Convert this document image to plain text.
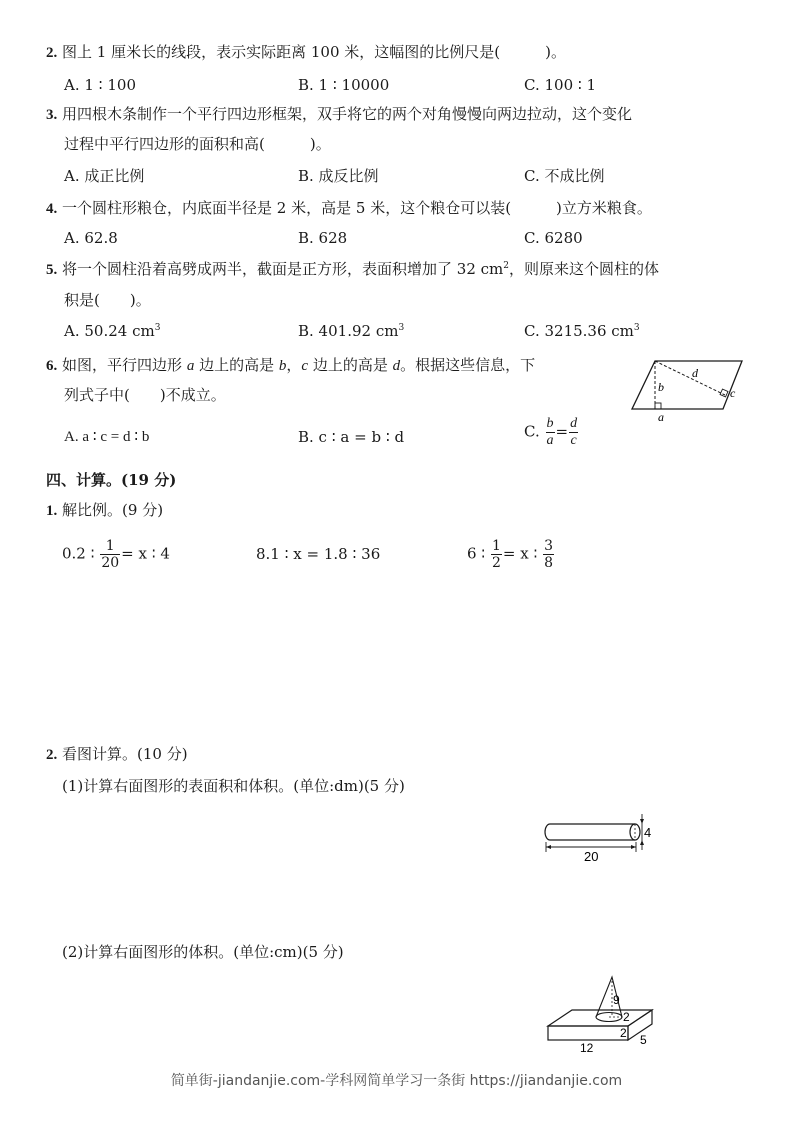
2. 图上 1 厘米长的线段，表示实际距离 100 米，这幅图的比例尺是(　　　)。
A. 1 ∶ 100	B. 1 ∶ 10000	C. 100 ∶ 1
3. 用四根木条制作一个平行四边形框架，双手将它的两个对角慢慢向两边拉动，这个变化
过程中平行四边形的面积和高(　　　)。
A. 成正比例	B. 成反比例	C. 不成比例
4. 一个圆柱形粮仓，内底面半径是 2 米，高是 5 米，这个粮仓可以装(　　　)立方米粮食。
A. 62.8	B. 628	C. 6280
5. 将一个圆柱沿着高劈成两半，截面是正方形，表面积增加了 32 $cm^2$，则原来这个圆柱的体
积是(　　)。
A. 50.24 $cm^3$	B. 401.92 $cm^3$	C. 3215.36 $cm^3$
6. 如图，平行四边形 a 边上的高是 b，c 边上的高是 d。根据这些信息，下
列式子中(　　)不成立。
A. a ∶ c = d ∶ b	B. c ∶ a = b ∶ d	C. $\frac{b}{a} = \frac{d}{c}$
b
d
c
a
四、计算。(19 分)
1. 解比例。(9 分)
0.2 ∶ $\frac{1}{20} = x$ ∶ 4	8.1 ∶ x = 1.8 ∶ 36	6 ∶ $\frac{1}{2} = x$ ∶ $\frac{3}{8}$
2. 看图计算。(10 分)
(1)计算右面图形的表面积和体积。(单位:dm)(5 分)
4
20
(2)计算右面图形的体积。(单位:cm)(5 分)
9
2
2
12
5
简单街-jiandanjie.com-学科网简单学习一条街 https://jiandanjie.com
